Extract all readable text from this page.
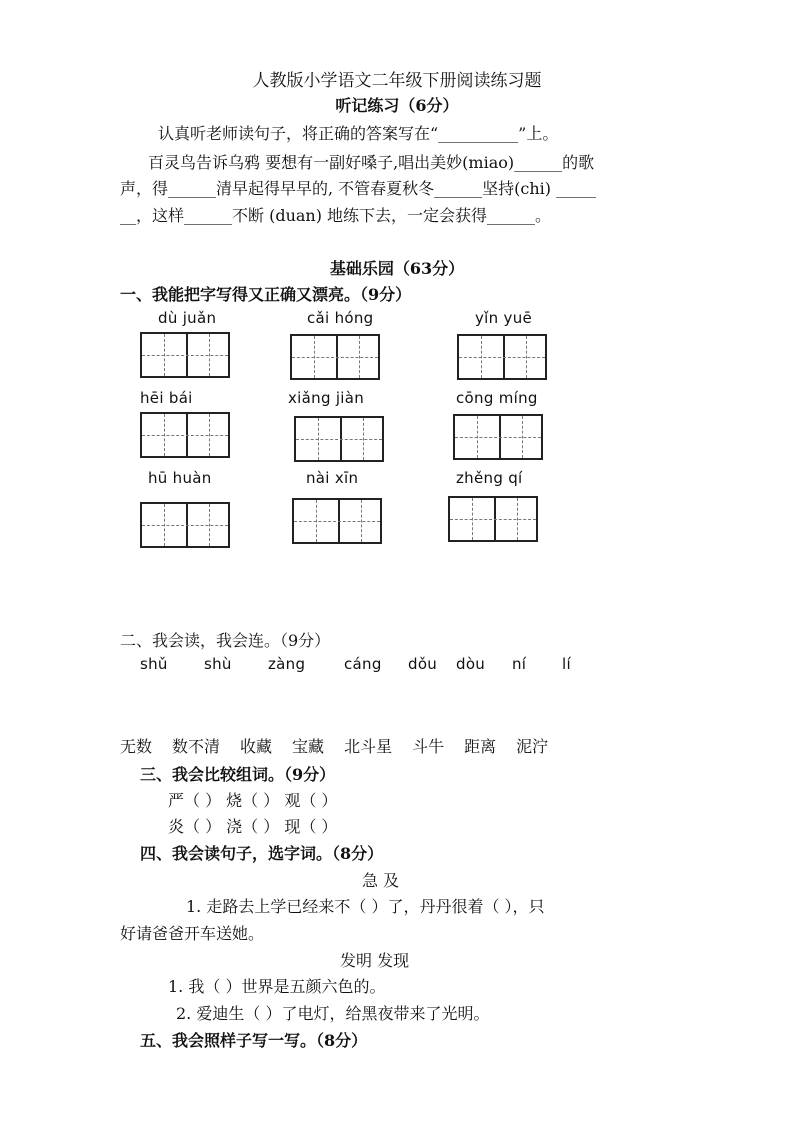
人教版小学语文二年级下册阅读练习题
听记练习（6分）
认真听老师读句子，将正确的答案写在“__________”上。
百灵鸟告诉乌鸦 要想有一副好嗓子,唱出美妙(miao)______的歌
声，得______清早起得早早的, 不管春夏秋冬______坚持(chi) _____
__，这样______不断 (duan) 地练下去，一定会获得______。
基础乐园（63分）
一、我能把字写得又正确又漂亮。（9分）
dù juǎn	cǎi hóng	yǐn yuē
hēi bái	xiǎng jiàn	cōng míng
hū huàn	nài xīn	zhěng qí
二、我会读，我会连。（9分）
shǔ shù zàng	cáng dǒu dòu ní lí
无数 数不清 收藏 宝藏 北斗星 斗牛 距离 泥泞
三、我会比较组词。（9分）
严（ ） 烧（ ） 观（ ）
炎（ ） 浇（ ） 现（ ）
四、我会读句子，选字词。（8分）
急 及
1. 走路去上学已经来不（ ）了，丹丹很着（ ），只
好请爸爸开车送她。
发明 发现
1. 我（ ）世界是五颜六色的。
2. 爱迪生（ ）了电灯，给黑夜带来了光明。
五、我会照样子写一写。（8分）
